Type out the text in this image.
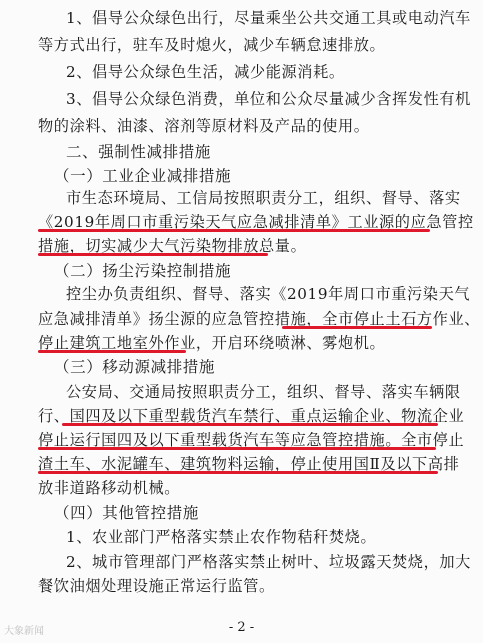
1、倡导公众绿色出行，尽量乘坐公共交通工具或电动汽车
等方式出行，驻车及时熄火，减少车辆怠速排放。
2、倡导公众绿色生活，减少能源消耗。
3、倡导公众绿色消费，单位和公众尽量减少含挥发性有机
物的涂料、油漆、溶剂等原材料及产品的使用。
二、强制性减排措施
（一）工业企业减排措施
市生态环境局、工信局按照职责分工，组织、督导、落实
《2019年周口市重污染天气应急减排清单》工业源的应急管控
措施，切实减少大气污染物排放总量。
（二）扬尘污染控制措施
控尘办负责组织、督导、落实《2019年周口市重污染天气
应急减排清单》扬尘源的应急管控措施，全市停止土石方作业、
停止建筑工地室外作业，开启环绕喷淋、雾炮机。
（三）移动源减排措施
公安局、交通局按照职责分工，组织、督导、落实车辆限
行、国四及以下重型载货汽车禁行、重点运输企业、物流企业
停止运行国四及以下重型载货汽车等应急管控措施。全市停止
渣土车、水泥罐车、建筑物料运输，停止使用国Ⅱ及以下高排
放非道路移动机械。
（四）其他管控措施
1、农业部门严格落实禁止农作物秸秆焚烧。
2、城市管理部门严格落实禁止树叶、垃圾露天焚烧，加大
餐饮油烟处理设施正常运行监管。
大象新闻	- 2 -
